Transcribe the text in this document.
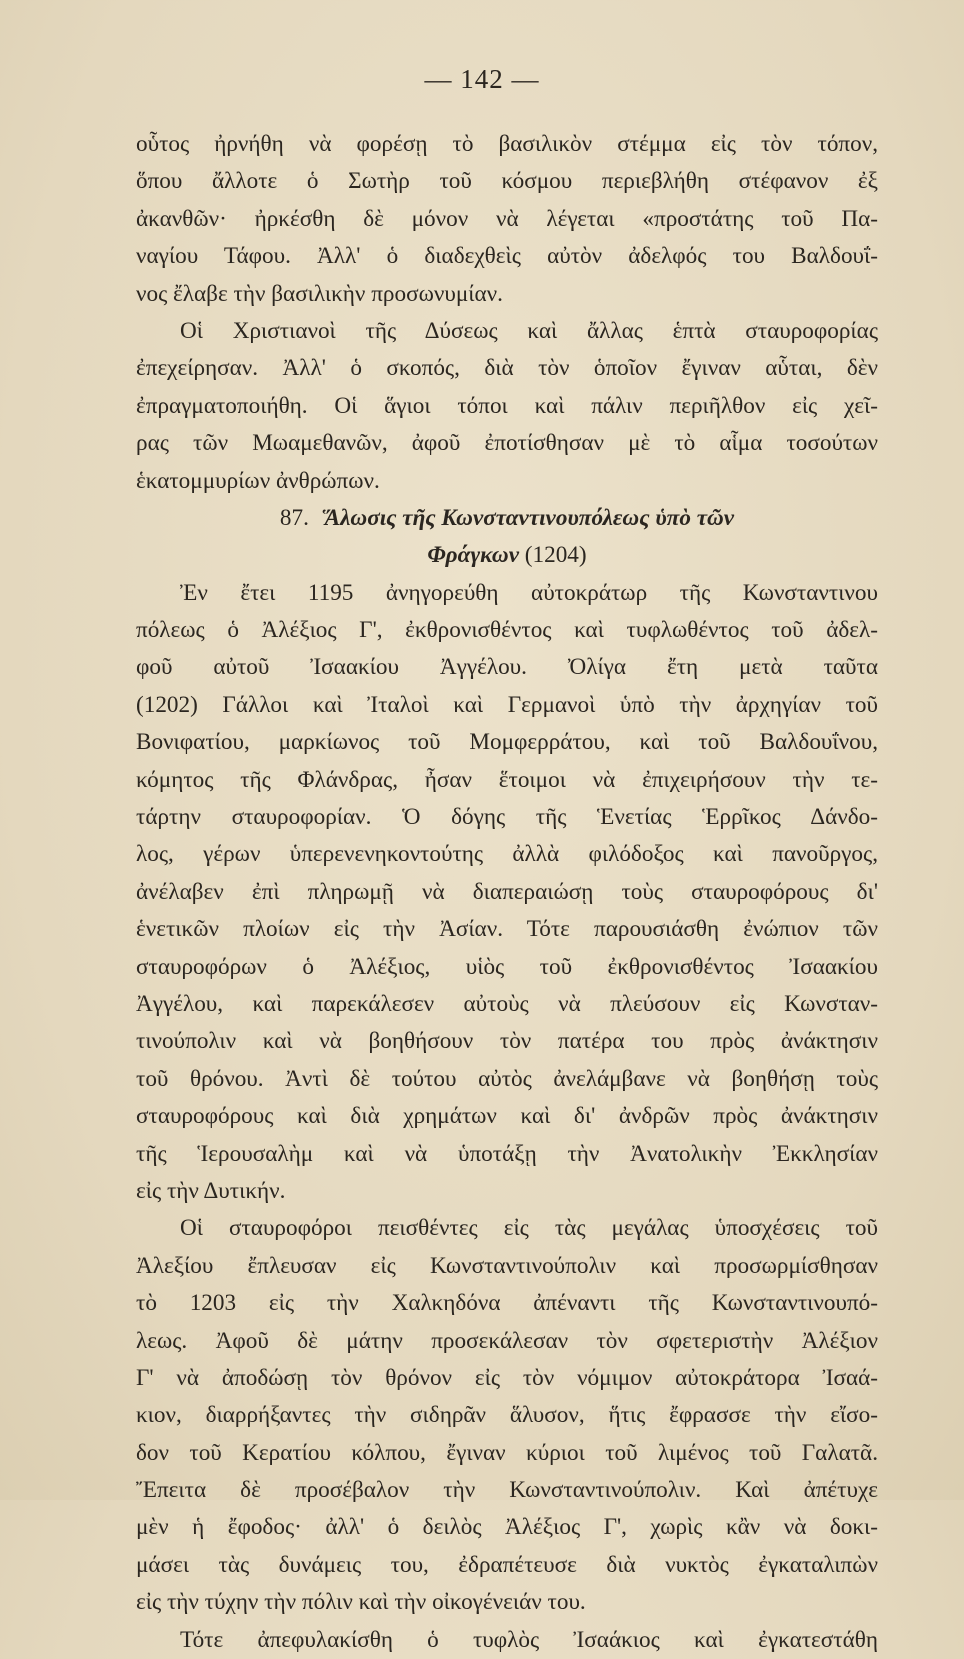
— 142 —
οὗτος ἠρνήθη νὰ φορέσῃ τὸ βασιλικὸν στέμμα εἰς τὸν τόπον,
ὅπου ἄλλοτε ὁ Σωτὴρ τοῦ κόσμου περιεβλήθη στέφανον ἐξ
ἀκανθῶν· ἠρκέσθη δὲ μόνον νὰ λέγεται «προστάτης τοῦ Πα-
ναγίου Τάφου. Ἀλλ' ὁ διαδεχθεὶς αὐτὸν ἀδελφός του Βαλδουΐ-
νος ἔλαβε τὴν βασιλικὴν προσωνυμίαν.
Οἱ Χριστιανοὶ τῆς Δύσεως καὶ ἄλλας ἑπτὰ σταυροφορίας
ἐπεχείρησαν. Ἀλλ' ὁ σκοπός, διὰ τὸν ὁποῖον ἔγιναν αὗται, δὲν
ἐπραγματοποιήθη. Οἱ ἅγιοι τόποι καὶ πάλιν περιῆλθον εἰς χεῖ-
ρας τῶν Μωαμεθανῶν, ἀφοῦ ἐποτίσθησαν μὲ τὸ αἷμα τοσούτων
ἑκατομμυρίων ἀνθρώπων.
87. Ἅλωσις τῆς Κωνσταντινουπόλεως ὑπὸ τῶν
Φράγκων (1204)
Ἐν ἔτει 1195 ἀνηγορεύθη αὐτοκράτωρ τῆς Κωνσταντινου
πόλεως ὁ Ἀλέξιος Γ', ἐκθρονισθέντος καὶ τυφλωθέντος τοῦ ἀδελ-
φοῦ αὐτοῦ Ἰσαακίου Ἀγγέλου. Ὀλίγα ἔτη μετὰ ταῦτα
(1202) Γάλλοι καὶ Ἰταλοὶ καὶ Γερμανοὶ ὑπὸ τὴν ἀρχηγίαν τοῦ
Βονιφατίου, μαρκίωνος τοῦ Μομφερράτου, καὶ τοῦ Βαλδουΐνου,
κόμητος τῆς Φλάνδρας, ἦσαν ἕτοιμοι νὰ ἐπιχειρήσουν τὴν τε-
τάρτην σταυροφορίαν. Ὁ δόγης τῆς Ἑνετίας Ἑρρῖκος Δάνδο-
λος, γέρων ὑπερενενηκοντούτης ἀλλὰ φιλόδοξος καὶ πανοῦργος,
ἀνέλαβεν ἐπὶ πληρωμῇ νὰ διαπεραιώσῃ τοὺς σταυροφόρους δι'
ἑνετικῶν πλοίων εἰς τὴν Ἀσίαν. Τότε παρουσιάσθη ἐνώπιον τῶν
σταυροφόρων ὁ Ἀλέξιος, υἱὸς τοῦ ἐκθρονισθέντος Ἰσαακίου
Ἀγγέλου, καὶ παρεκάλεσεν αὐτοὺς νὰ πλεύσουν εἰς Κωνσταν-
τινούπολιν καὶ νὰ βοηθήσουν τὸν πατέρα του πρὸς ἀνάκτησιν
τοῦ θρόνου. Ἀντὶ δὲ τούτου αὐτὸς ἀνελάμβανε νὰ βοηθήσῃ τοὺς
σταυροφόρους καὶ διὰ χρημάτων καὶ δι' ἀνδρῶν πρὸς ἀνάκτησιν
τῆς Ἱερουσαλὴμ καὶ νὰ ὑποτάξῃ τὴν Ἀνατολικὴν Ἐκκλησίαν
εἰς τὴν Δυτικήν.
Οἱ σταυροφόροι πεισθέντες εἰς τὰς μεγάλας ὑποσχέσεις τοῦ
Ἀλεξίου ἔπλευσαν εἰς Κωνσταντινούπολιν καὶ προσωρμίσθησαν
τὸ 1203 εἰς τὴν Χαλκηδόνα ἀπέναντι τῆς Κωνσταντινουπό-
λεως. Ἀφοῦ δὲ μάτην προσεκάλεσαν τὸν σφετεριστὴν Ἀλέξιον
Γ' νὰ ἀποδώσῃ τὸν θρόνον εἰς τὸν νόμιμον αὐτοκράτορα Ἰσαά-
κιον, διαρρήξαντες τὴν σιδηρᾶν ἅλυσον, ἥτις ἔφρασσε τὴν εἴσο-
δον τοῦ Κερατίου κόλπου, ἔγιναν κύριοι τοῦ λιμένος τοῦ Γαλατᾶ.
Ἔπειτα δὲ προσέβαλον τὴν Κωνσταντινούπολιν. Καὶ ἀπέτυχε
μὲν ἡ ἔφοδος· ἀλλ' ὁ δειλὸς Ἀλέξιος Γ', χωρὶς κἂν νὰ δοκι-
μάσει τὰς δυνάμεις του, ἐδραπέτευσε διὰ νυκτὸς ἐγκαταλιπὼν
εἰς τὴν τύχην τὴν πόλιν καὶ τὴν οἰκογένειάν του.
Τότε ἀπεφυλακίσθη ὁ τυφλὸς Ἰσαάκιος καὶ ἐγκατεστάθη
